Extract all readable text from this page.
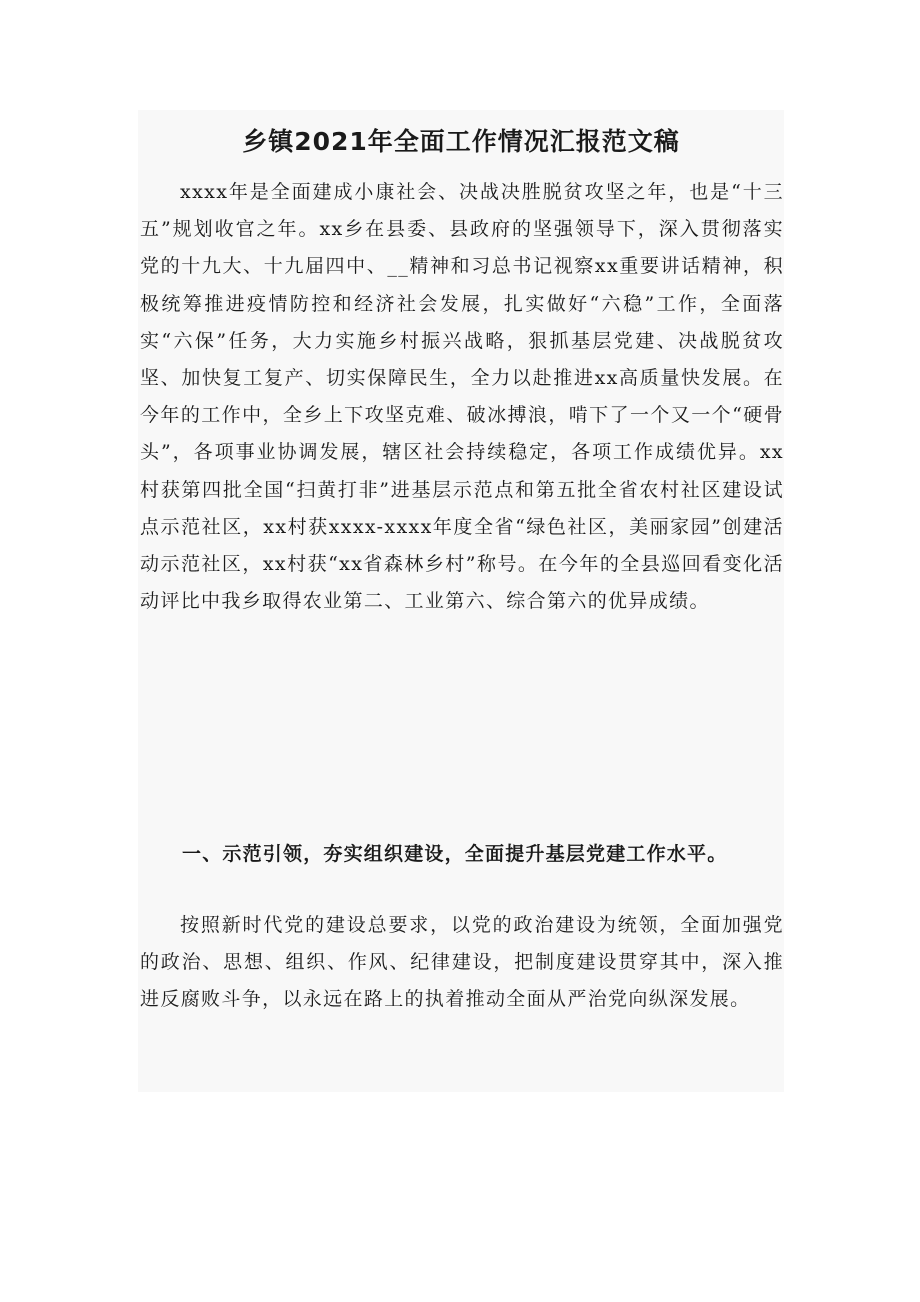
乡镇2021年全面工作情况汇报范文稿

xxxx年是全面建成小康社会、决战决胜脱贫攻坚之年，也是“十三五”规划收官之年。xx乡在县委、县政府的坚强领导下，深入贯彻落实党的十九大、十九届四中、__精神和习总书记视察xx重要讲话精神，积极统筹推进疫情防控和经济社会发展，扎实做好“六稳”工作，全面落实“六保”任务，大力实施乡村振兴战略，狠抓基层党建、决战脱贫攻坚、加快复工复产、切实保障民生，全力以赴推进xx高质量快发展。在今年的工作中，全乡上下攻坚克难、破冰搏浪，啃下了一个又一个“硬骨头”，各项事业协调发展，辖区社会持续稳定，各项工作成绩优异。xx村获第四批全国“扫黄打非”进基层示范点和第五批全省农村社区建设试点示范社区，xx村获xxxx-xxxx年度全省“绿色社区，美丽家园”创建活动示范社区，xx村获“xx省森林乡村”称号。在今年的全县巡回看变化活动评比中我乡取得农业第二、工业第六、综合第六的优异成绩。

一、示范引领，夯实组织建设，全面提升基层党建工作水平。

按照新时代党的建设总要求，以党的政治建设为统领，全面加强党的政治、思想、组织、作风、纪律建设，把制度建设贯穿其中，深入推进反腐败斗争，以永远在路上的执着推动全面从严治党向纵深发展。
